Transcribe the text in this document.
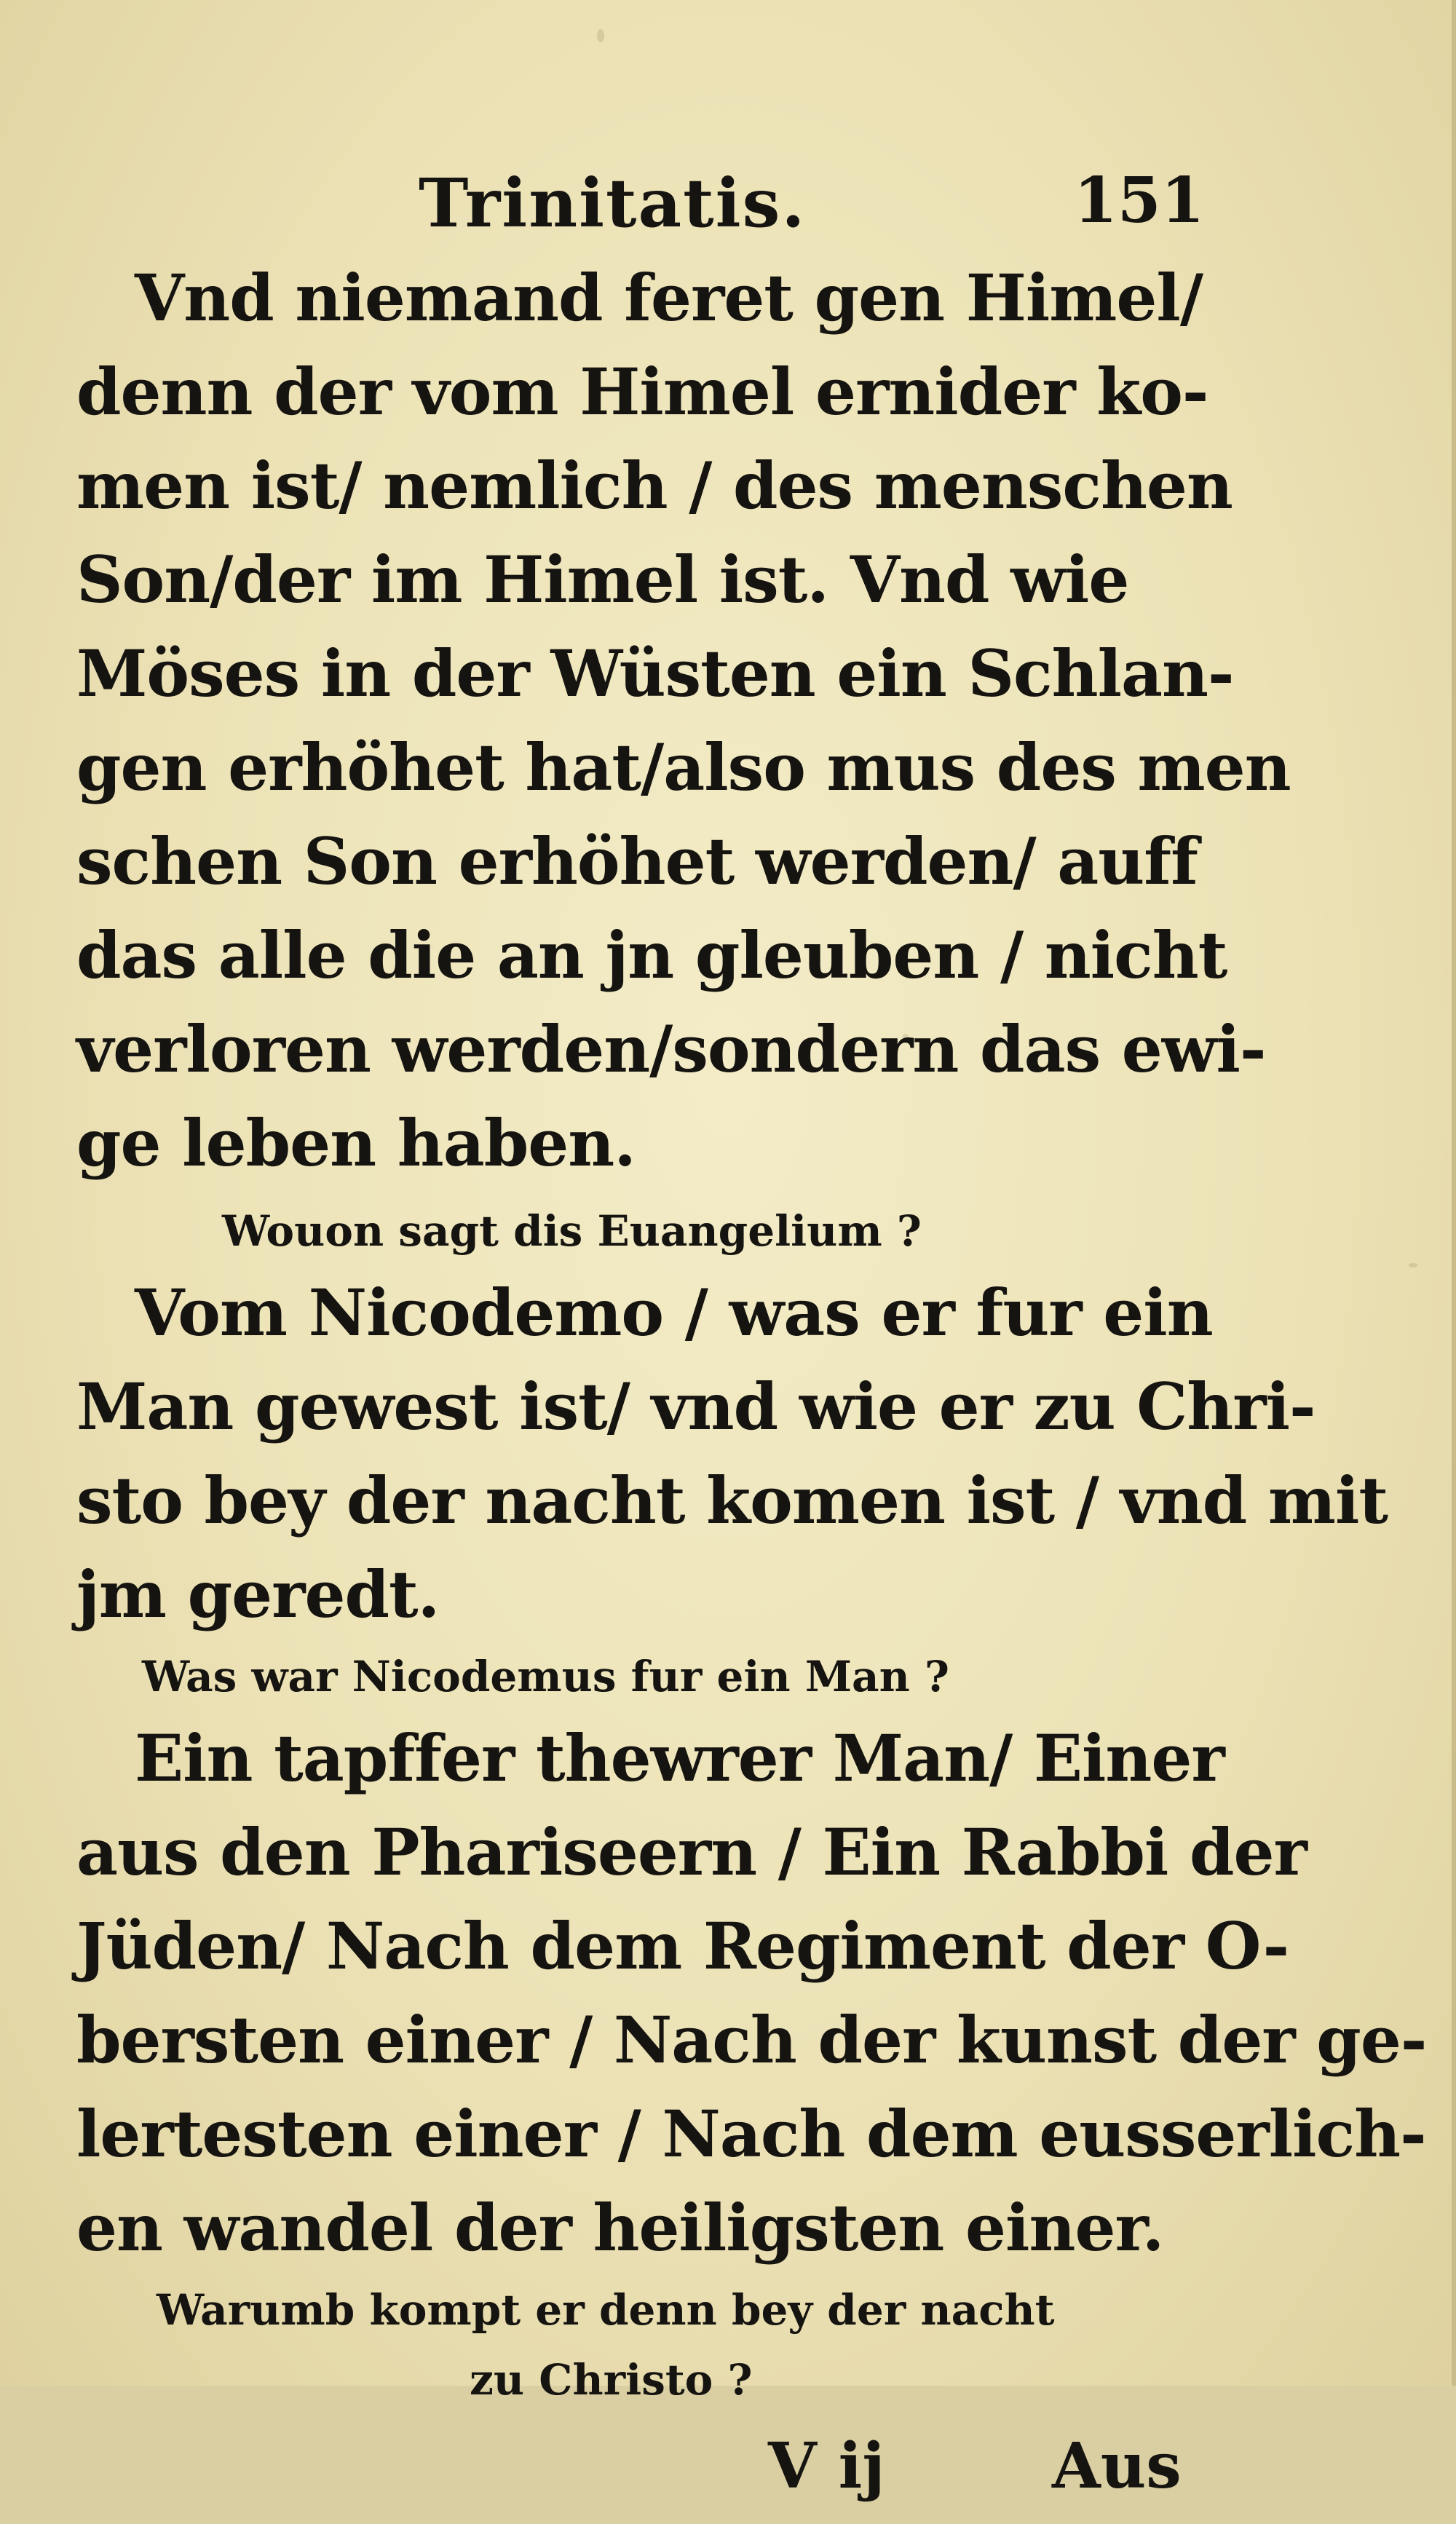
Trinitatis.	151
Vnd niemand feret gen Himel/
denn der vom Himel ernider ko-
men ist/ nemlich / des menschen
Son/der im Himel ist. Vnd wie
Möses in der Wüsten ein Schlan-
gen erhöhet hat/also mus des men
schen Son erhöhet werden/ auff
das alle die an jn gleuben / nicht
verloren werden/sondern das ewi-
ge leben haben.
Wouon sagt dis Euangelium ?
Vom Nicodemo / was er fur ein
Man gewest ist/ vnd wie er zu Chri-
sto bey der nacht komen ist / vnd mit
jm geredt.
Was war Nicodemus fur ein Man ?
Ein tapffer thewrer Man/ Einer
aus den Phariseern / Ein Rabbi der
Jüden/ Nach dem Regiment der O-
bersten einer / Nach der kunst der ge-
lertesten einer / Nach dem eusserlich-
en wandel der heiligsten einer.
Warumb kompt er denn bey der nacht
zu Christo ?
V ij	Aus
